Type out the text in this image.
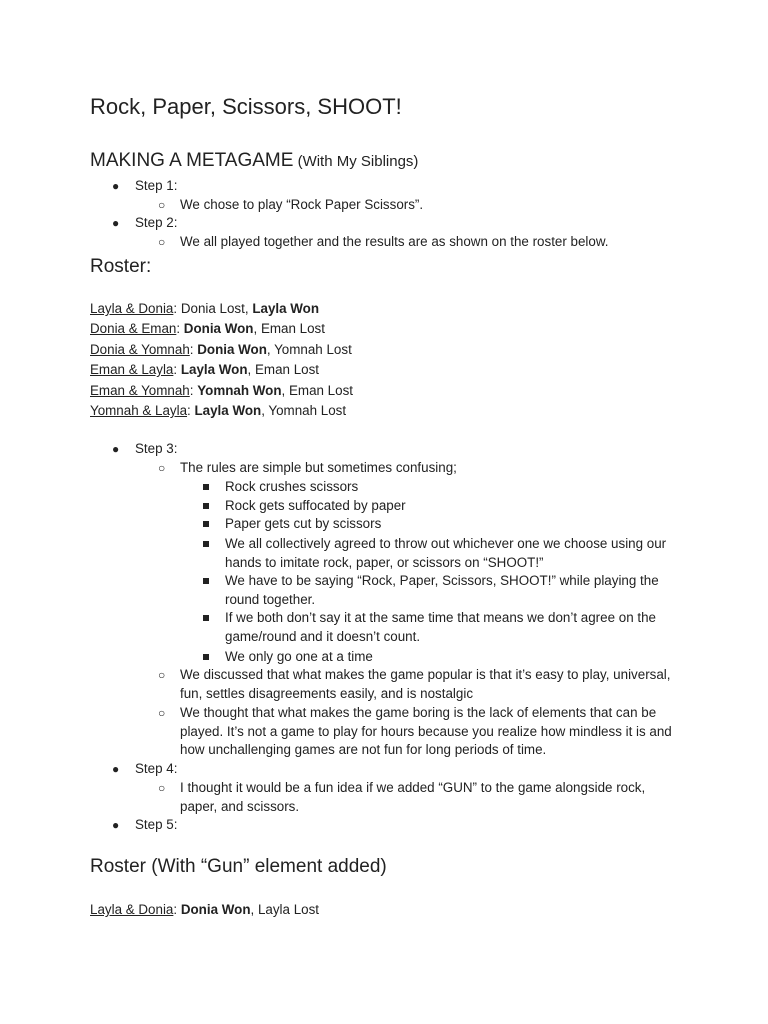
Rock, Paper, Scissors, SHOOT!
MAKING A METAGAME (With My Siblings)
● Step 1:
○ We chose to play “Rock Paper Scissors”.
● Step 2:
○ We all played together and the results are as shown on the roster below.
Roster:
Layla & Donia: Donia Lost, Layla Won
Donia & Eman: Donia Won, Eman Lost
Donia & Yomnah: Donia Won, Yomnah Lost
Eman & Layla: Layla Won, Eman Lost
Eman & Yomnah: Yomnah Won, Eman Lost
Yomnah & Layla: Layla Won, Yomnah Lost
● Step 3:
○ The rules are simple but sometimes confusing;
Rock crushes scissors
Rock gets suffocated by paper
Paper gets cut by scissors
We all collectively agreed to throw out whichever one we choose using our hands to imitate rock, paper, or scissors on “SHOOT!”
We have to be saying “Rock, Paper, Scissors, SHOOT!” while playing the round together.
If we both don’t say it at the same time that means we don’t agree on the game/round and it doesn’t count.
We only go one at a time
○ We discussed that what makes the game popular is that it’s easy to play, universal, fun, settles disagreements easily, and is nostalgic
○ We thought that what makes the game boring is the lack of elements that can be played. It’s not a game to play for hours because you realize how mindless it is and how unchallenging games are not fun for long periods of time.
● Step 4:
○ I thought it would be a fun idea if we added “GUN” to the game alongside rock, paper, and scissors.
● Step 5:
Roster (With “Gun” element added)
Layla & Donia: Donia Won, Layla Lost
